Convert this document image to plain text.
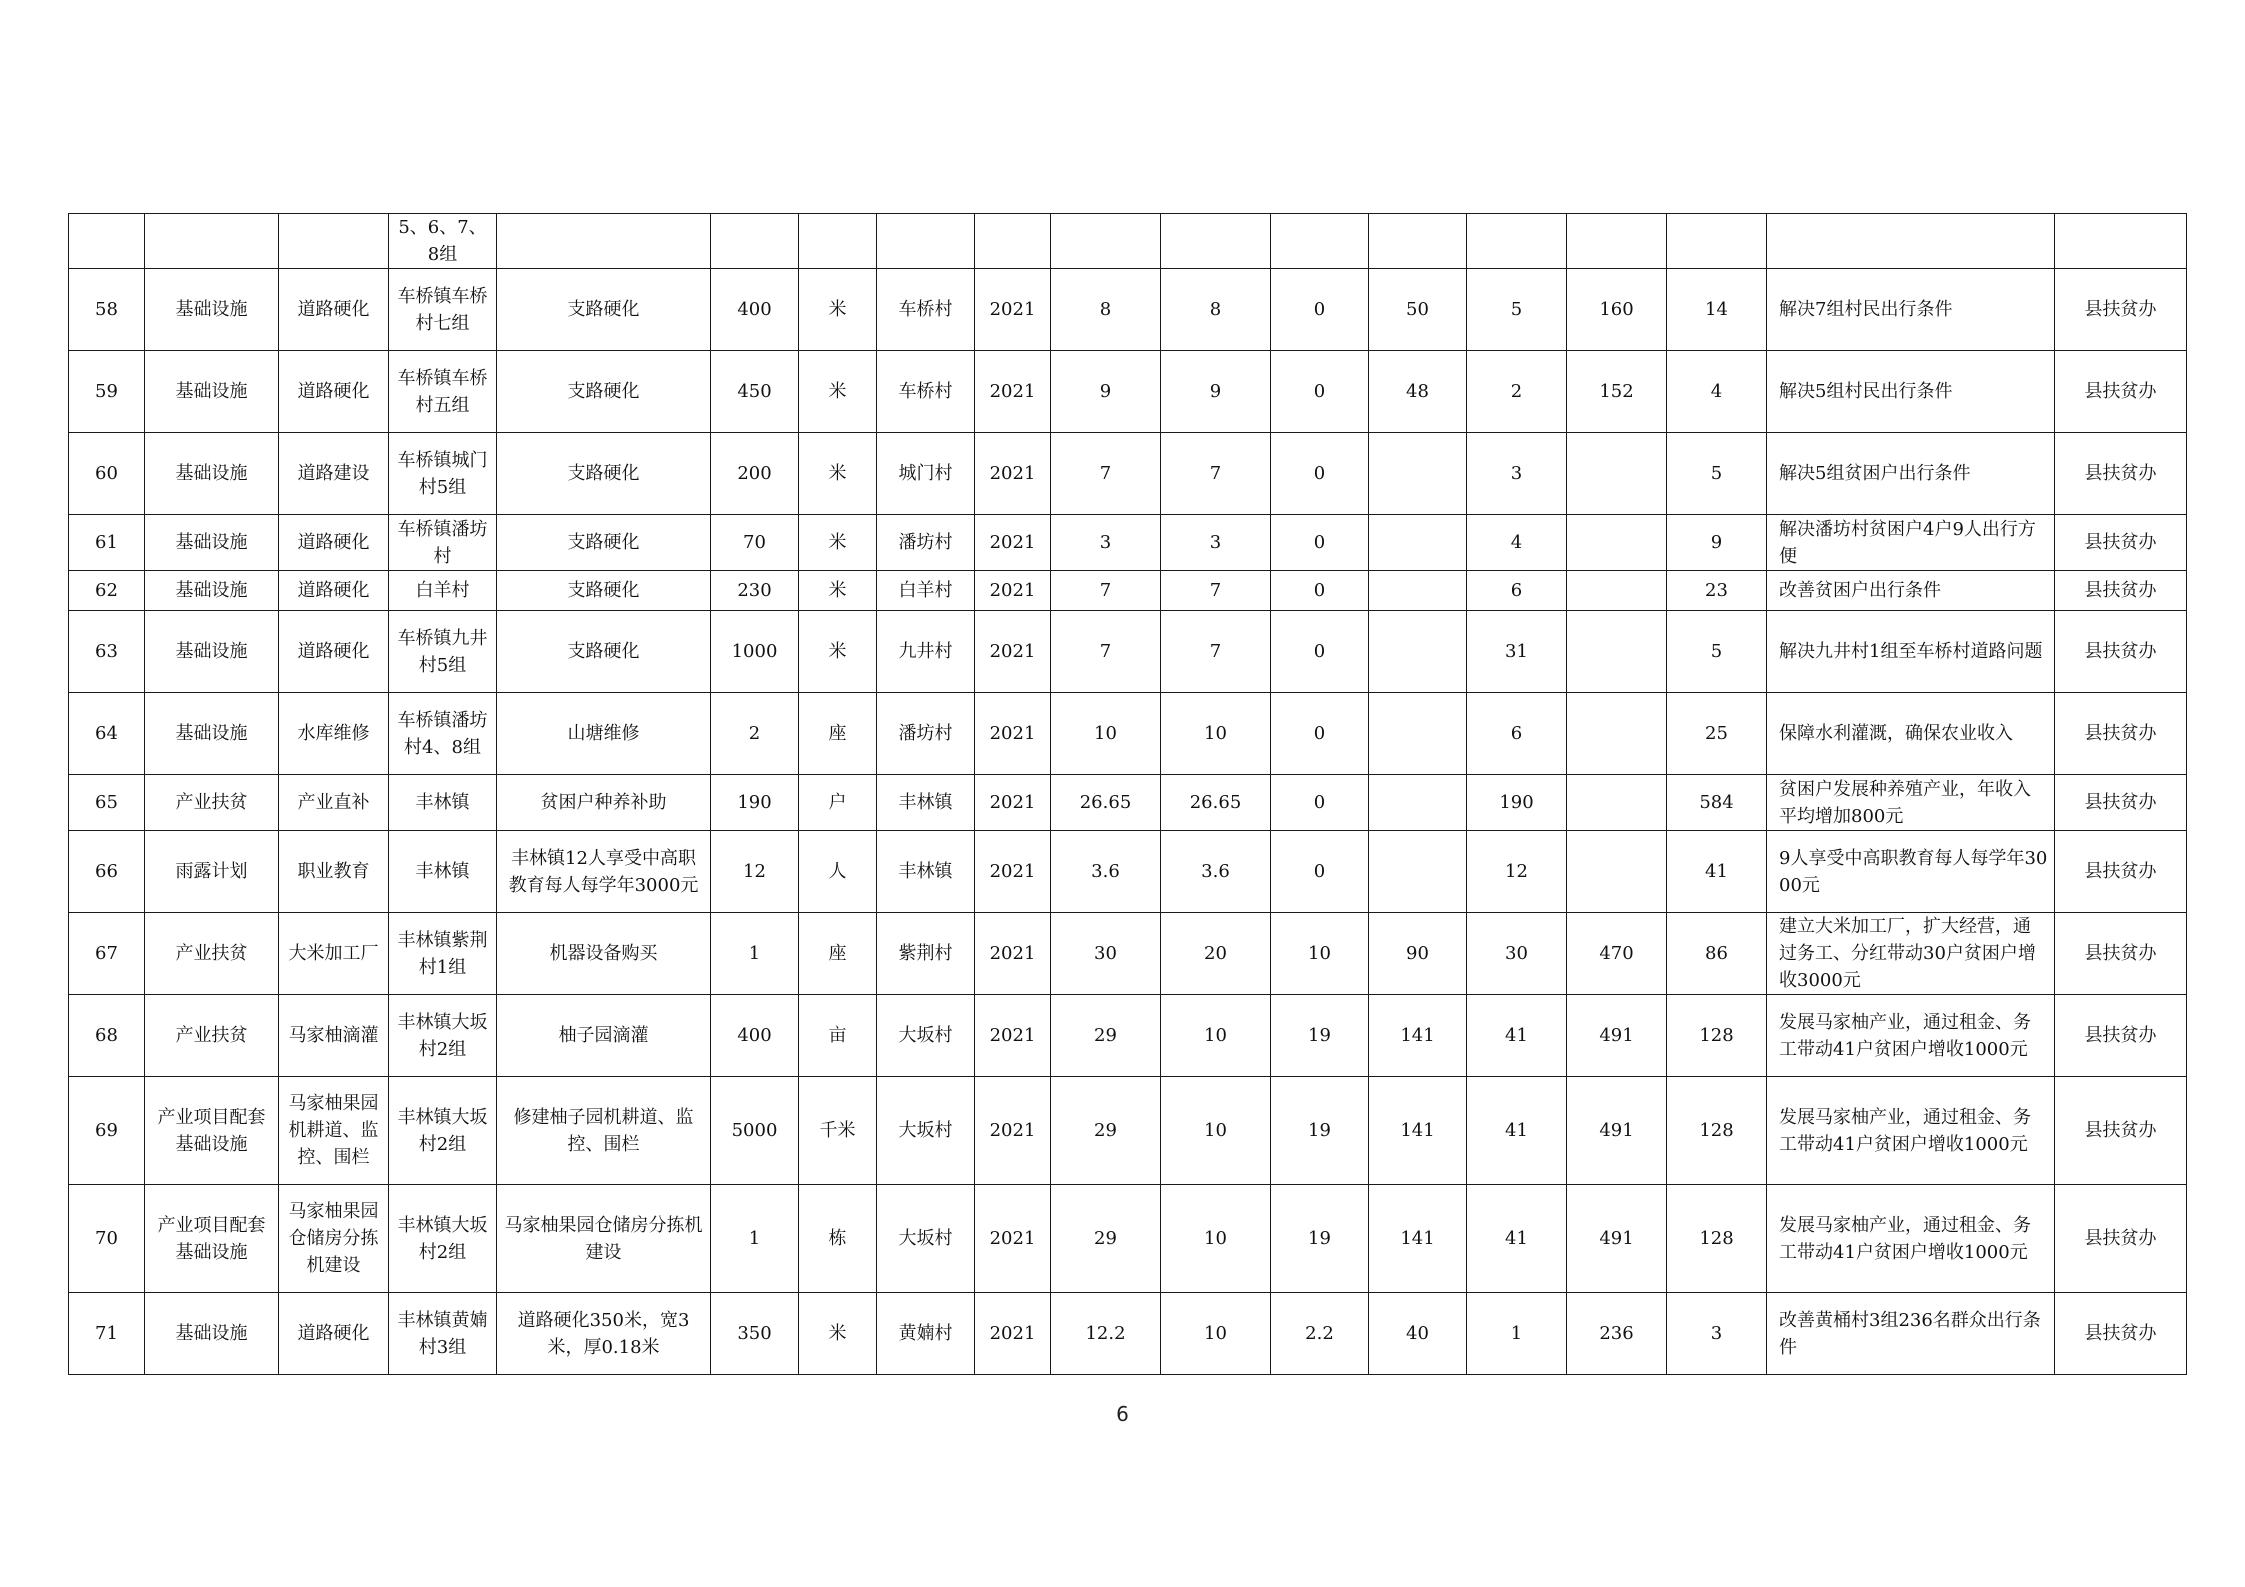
			5、6、7、8组														
58	基础设施	道路硬化	车桥镇车桥村七组	支路硬化	400	米	车桥村	2021	8	8	0	50	5	160	14	解决7组村民出行条件	县扶贫办
59	基础设施	道路硬化	车桥镇车桥村五组	支路硬化	450	米	车桥村	2021	9	9	0	48	2	152	4	解决5组村民出行条件	县扶贫办
60	基础设施	道路建设	车桥镇城门村5组	支路硬化	200	米	城门村	2021	7	7	0		3		5	解决5组贫困户出行条件	县扶贫办
61	基础设施	道路硬化	车桥镇潘坊村	支路硬化	70	米	潘坊村	2021	3	3	0		4		9	解决潘坊村贫困户4户9人出行方便	县扶贫办
62	基础设施	道路硬化	白羊村	支路硬化	230	米	白羊村	2021	7	7	0		6		23	改善贫困户出行条件	县扶贫办
63	基础设施	道路硬化	车桥镇九井村5组	支路硬化	1000	米	九井村	2021	7	7	0		31		5	解决九井村1组至车桥村道路问题	县扶贫办
64	基础设施	水库维修	车桥镇潘坊村4、8组	山塘维修	2	座	潘坊村	2021	10	10	0		6		25	保障水利灌溉，确保农业收入	县扶贫办
65	产业扶贫	产业直补	丰林镇	贫困户种养补助	190	户	丰林镇	2021	26.65	26.65	0		190		584	贫困户发展种养殖产业，年收入平均增加800元	县扶贫办
66	雨露计划	职业教育	丰林镇	丰林镇12人享受中高职教育每人每学年3000元	12	人	丰林镇	2021	3.6	3.6	0		12		41	9人享受中高职教育每人每学年3000元	县扶贫办
67	产业扶贫	大米加工厂	丰林镇紫荆村1组	机器设备购买	1	座	紫荆村	2021	30	20	10	90	30	470	86	建立大米加工厂，扩大经营，通过务工、分红带动30户贫困户增收3000元	县扶贫办
68	产业扶贫	马家柚滴灌	丰林镇大坂村2组	柚子园滴灌	400	亩	大坂村	2021	29	10	19	141	41	491	128	发展马家柚产业，通过租金、务工带动41户贫困户增收1000元	县扶贫办
69	产业项目配套基础设施	马家柚果园机耕道、监控、围栏	丰林镇大坂村2组	修建柚子园机耕道、监控、围栏	5000	千米	大坂村	2021	29	10	19	141	41	491	128	发展马家柚产业，通过租金、务工带动41户贫困户增收1000元	县扶贫办
70	产业项目配套基础设施	马家柚果园仓储房分拣机建设	丰林镇大坂村2组	马家柚果园仓储房分拣机建设	1	栋	大坂村	2021	29	10	19	141	41	491	128	发展马家柚产业，通过租金、务工带动41户贫困户增收1000元	县扶贫办
71	基础设施	道路硬化	丰林镇黄婻村3组	道路硬化350米，宽3米，厚0.18米	350	米	黄婻村	2021	12.2	10	2.2	40	1	236	3	改善黄桶村3组236名群众出行条件	县扶贫办
6
